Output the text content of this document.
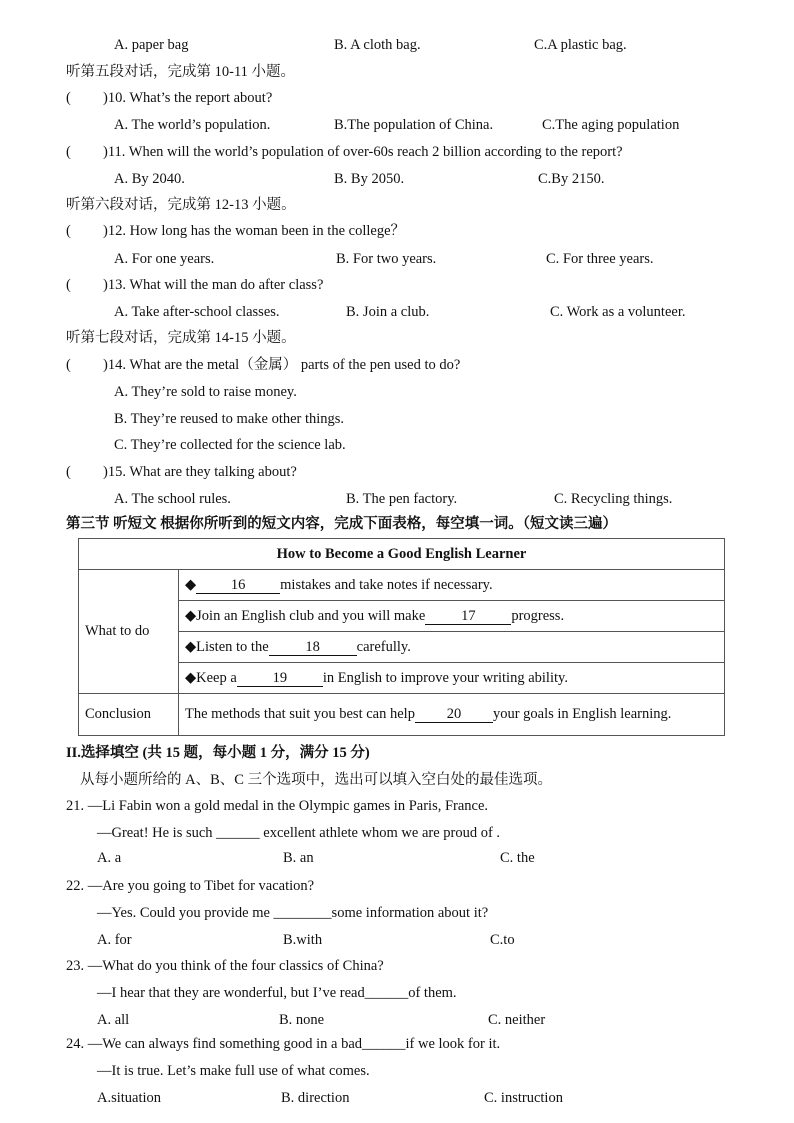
A. paper bag	B. A cloth bag.	C.A plastic bag.
听第五段对话，完成第 10-11 小题。
( )10. What’s the report about?
A. The world’s population.	B.The population of China.	C.The aging population
( )11. When will the world’s population of over-60s reach 2 billion according to the report?
A. By 2040.	B. By 2050.	C.By 2150.
听第六段对话，完成第 12-13 小题。
( )12. How long has the woman been in the college？
A. For one years.	B. For two years.	C. For three years.
( )13. What will the man do after class?
A. Take after-school classes.	B. Join a club.	C. Work as a volunteer.
听第七段对话，完成第 14-15 小题。
( )14. What are the metal（金属） parts of the pen used to do?
A. They’re sold to raise money.
B. They’re reused to make other things.
C. They’re collected for the science lab.
( )15. What are they talking about?
A. The school rules.	B. The pen factory.	C. Recycling things.
第三节 听短文 根据你所听到的短文内容，完成下面表格，每空填一词。（短文读三遍）
How to Become a Good English Learner	
What to do	◆ 16 mistakes and take notes if necessary.
	◆Join an English club and you will make 17 progress.
	◆Listen to the 18 carefully.
	◆Keep a 19 in English to improve your writing ability.
Conclusion	The methods that suit you best can help 20 your goals in English learning.
II.选择填空 (共 15 题，每小题 1 分，满分 15 分)
从每小题所给的 A、B、C 三个选项中，选出可以填入空白处的最佳选项。
21. —Li Fabin won a gold medal in the Olympic games in Paris, France.
—Great! He is such ______ excellent athlete whom we are proud of .
A. a	B. an	C. the
22. —Are you going to Tibet for vacation?
—Yes. Could you provide me ________some information about it?
A. for	B.with	C.to
23. —What do you think of the four classics of China?
—I hear that they are wonderful, but I’ve read______of them.
A. all	B. none	C. neither
24. —We can always find something good in a bad______if we look for it.
—It is true. Let’s make full use of what comes.
A.situation	B. direction	C. instruction
